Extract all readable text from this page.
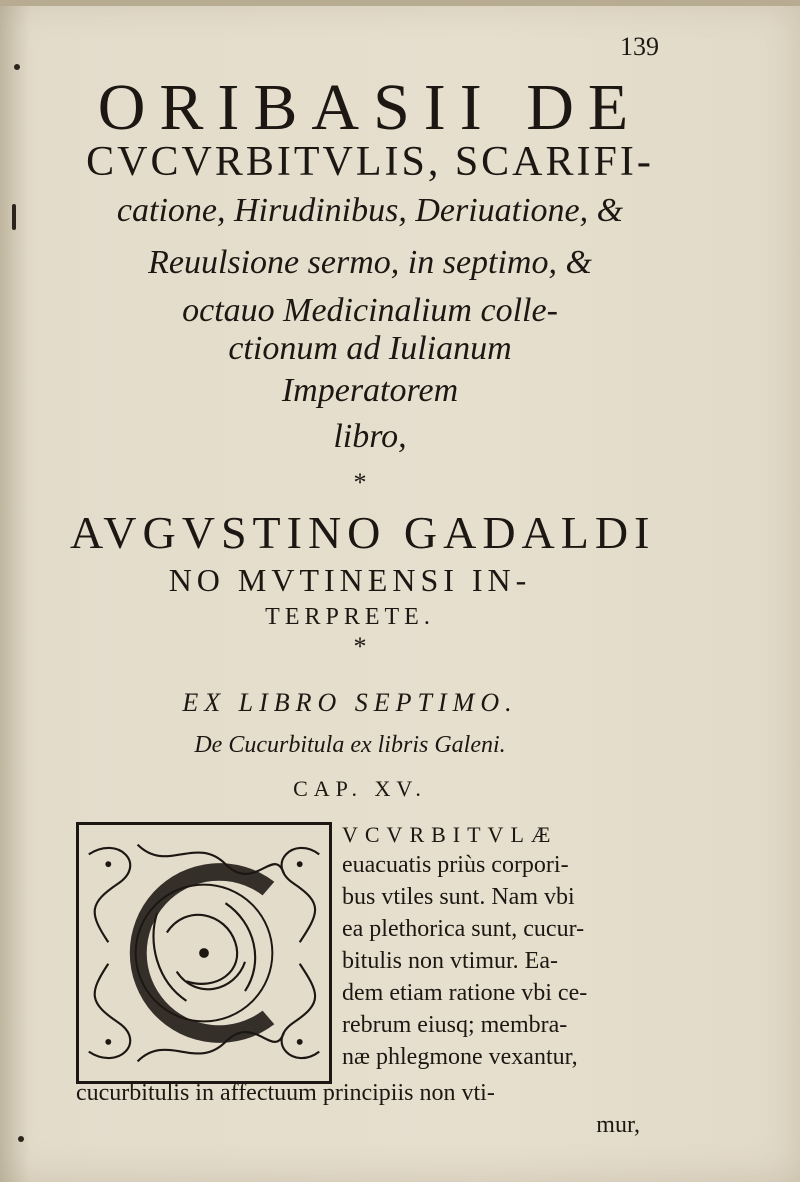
139
ORIBASII DE
CVCVRBITVLIS, SCARIFI-
catione, Hirudinibus, Deriuatione, &
Reuulsione sermo, in septimo, &
octauo Medicinalium colle-
ctionum ad Iulianum
Imperatorem
libro,
*
AVGVSTINO GADALDI
NO MVTINENSI IN-
TERPRETE.
*
EX LIBRO SEPTIMO.
De Cucurbitula ex libris Galeni.
CAP. XV.
VCVRBITVLÆ
euacuatis priùs corpori-
bus vtiles sunt. Nam vbi
ea plethorica sunt, cucur-
bitulis non vtimur. Ea-
dem etiam ratione vbi ce-
rebrum eiusq; membra-
næ phlegmone vexantur,
cucurbitulis in affectuum principiis non vti-
mur,
